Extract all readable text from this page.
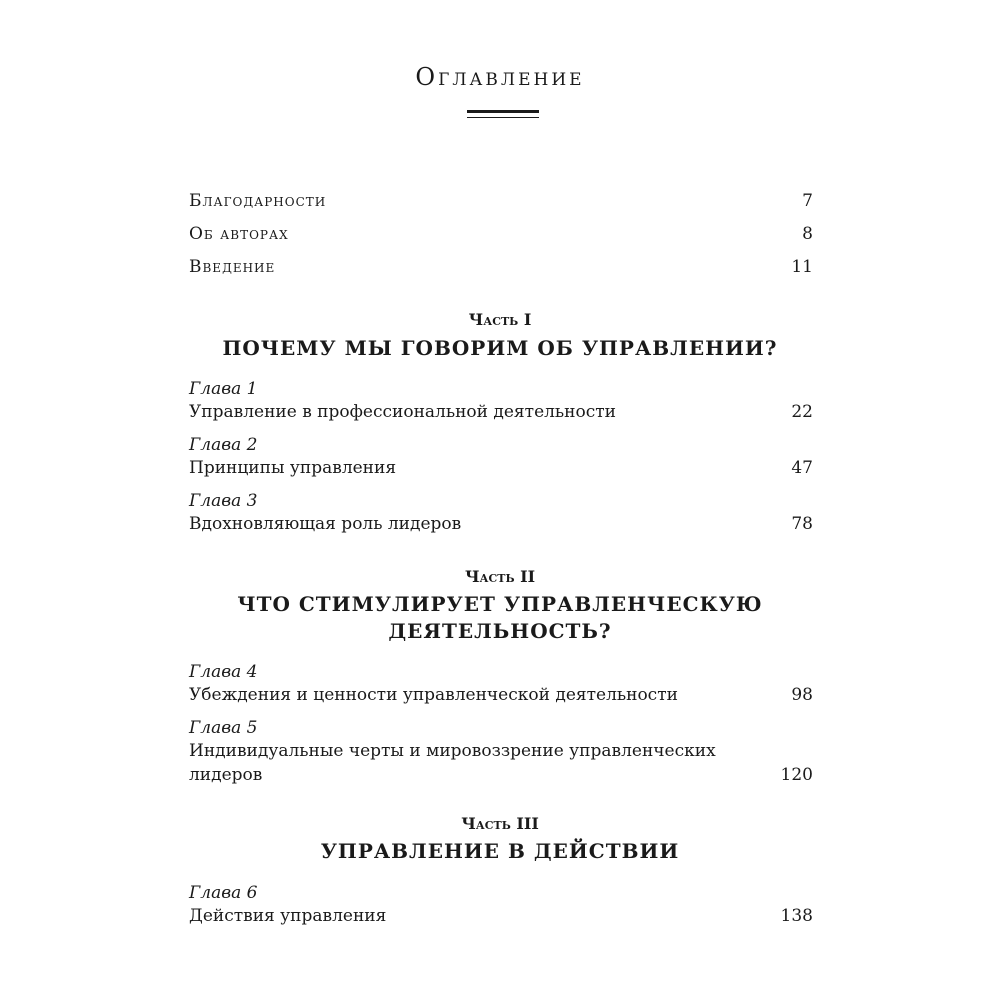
Оглавление
Благодарности	7
Об авторах	8
Введение	11
Часть I
ПОЧЕМУ МЫ ГОВОРИМ ОБ УПРАВЛЕНИИ?
Глава 1
Управление в профессиональной деятельности	22
Глава 2
Принципы управления	47
Глава 3
Вдохновляющая роль лидеров	78
Часть II
ЧТО СТИМУЛИРУЕТ УПРАВЛЕНЧЕСКУЮ
ДЕЯТЕЛЬНОСТЬ?
Глава 4
Убеждения и ценности управленческой деятельности	98
Глава 5
Индивидуальные черты и мировоззрение управленческих
лидеров	120
Часть III
УПРАВЛЕНИЕ В ДЕЙСТВИИ
Глава 6
Действия управления	138
